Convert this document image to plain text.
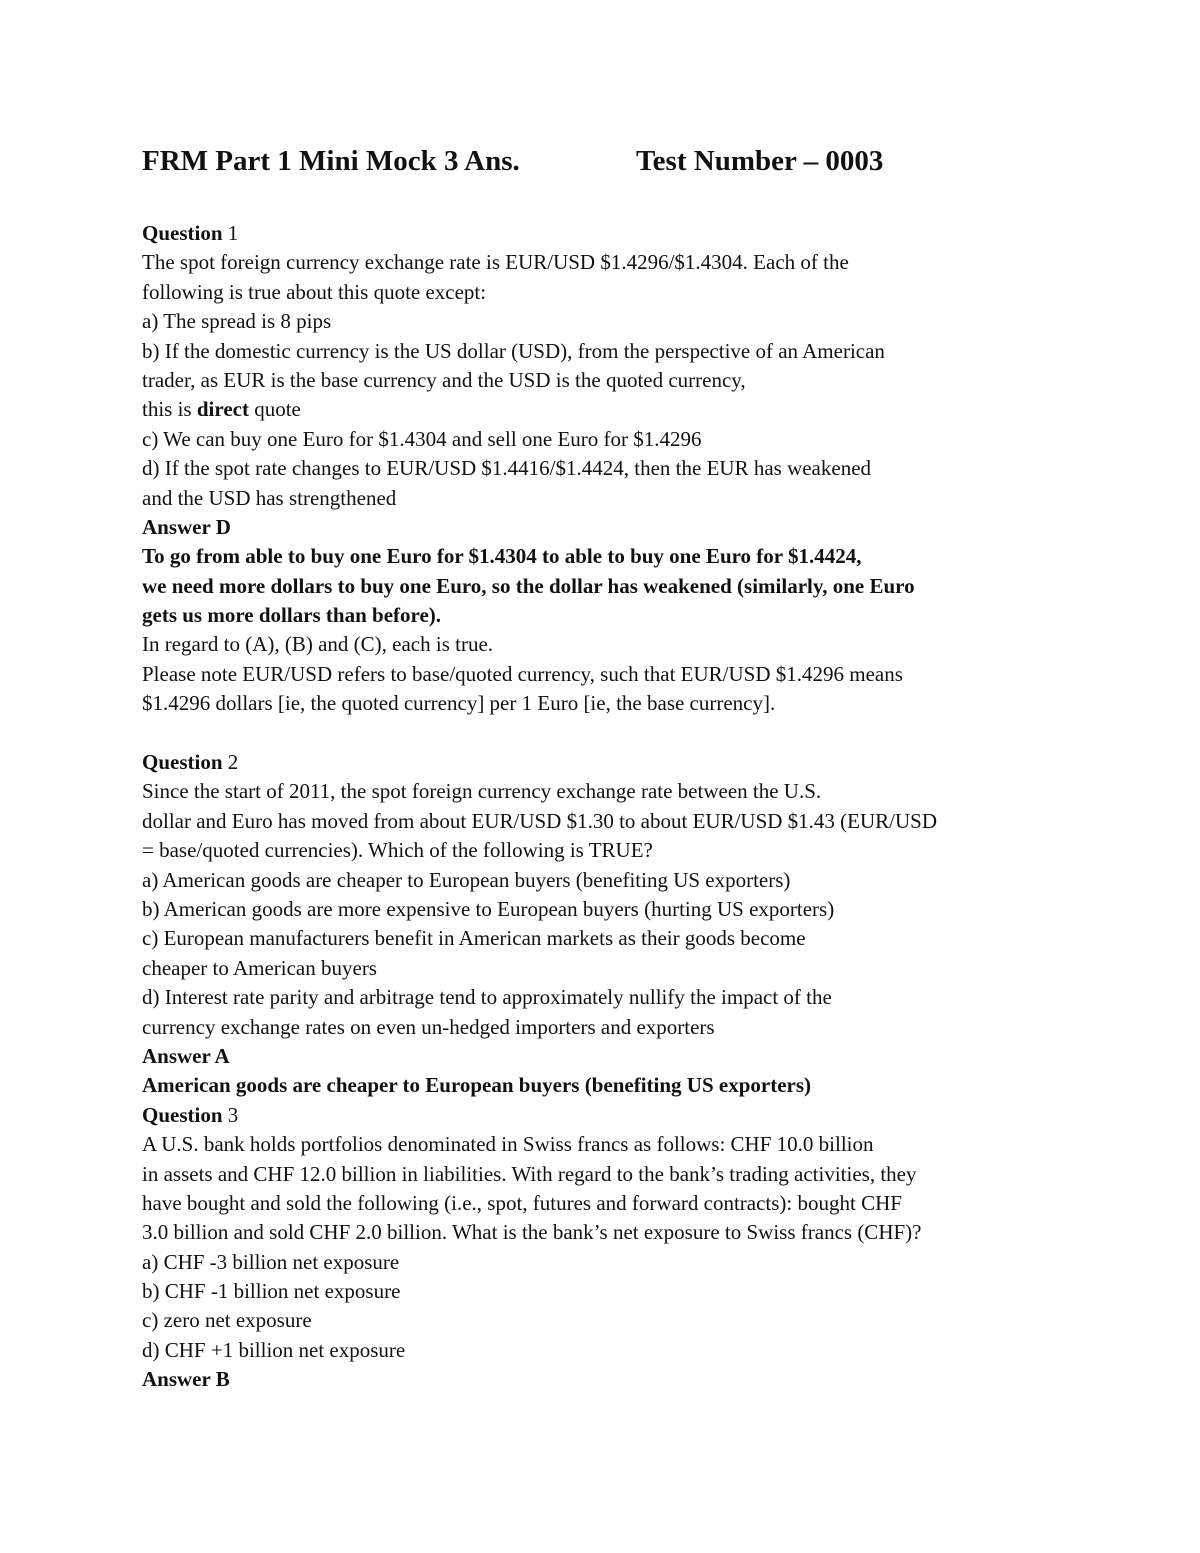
FRM Part 1 Mini Mock 3 Ans.	Test Number – 0003
Question 1
The spot foreign currency exchange rate is EUR/USD $1.4296/$1.4304. Each of the
following is true about this quote except:
a) The spread is 8 pips
b) If the domestic currency is the US dollar (USD), from the perspective of an American
trader, as EUR is the base currency and the USD is the quoted currency,
this is direct quote
c) We can buy one Euro for $1.4304 and sell one Euro for $1.4296
d) If the spot rate changes to EUR/USD $1.4416/$1.4424, then the EUR has weakened
and the USD has strengthened
Answer D
To go from able to buy one Euro for $1.4304 to able to buy one Euro for $1.4424,
we need more dollars to buy one Euro, so the dollar has weakened (similarly, one Euro
gets us more dollars than before).
In regard to (A), (B) and (C), each is true.
Please note EUR/USD refers to base/quoted currency, such that EUR/USD $1.4296 means
$1.4296 dollars [ie, the quoted currency] per 1 Euro [ie, the base currency].
Question 2
Since the start of 2011, the spot foreign currency exchange rate between the U.S.
dollar and Euro has moved from about EUR/USD $1.30 to about EUR/USD $1.43 (EUR/USD
= base/quoted currencies). Which of the following is TRUE?
a) American goods are cheaper to European buyers (benefiting US exporters)
b) American goods are more expensive to European buyers (hurting US exporters)
c) European manufacturers benefit in American markets as their goods become
cheaper to American buyers
d) Interest rate parity and arbitrage tend to approximately nullify the impact of the
currency exchange rates on even un-hedged importers and exporters
Answer A
American goods are cheaper to European buyers (benefiting US exporters)
Question 3
A U.S. bank holds portfolios denominated in Swiss francs as follows: CHF 10.0 billion
in assets and CHF 12.0 billion in liabilities. With regard to the bank’s trading activities, they
have bought and sold the following (i.e., spot, futures and forward contracts): bought CHF
3.0 billion and sold CHF 2.0 billion. What is the bank’s net exposure to Swiss francs (CHF)?
a) CHF -3 billion net exposure
b) CHF -1 billion net exposure
c) zero net exposure
d) CHF +1 billion net exposure
Answer B
